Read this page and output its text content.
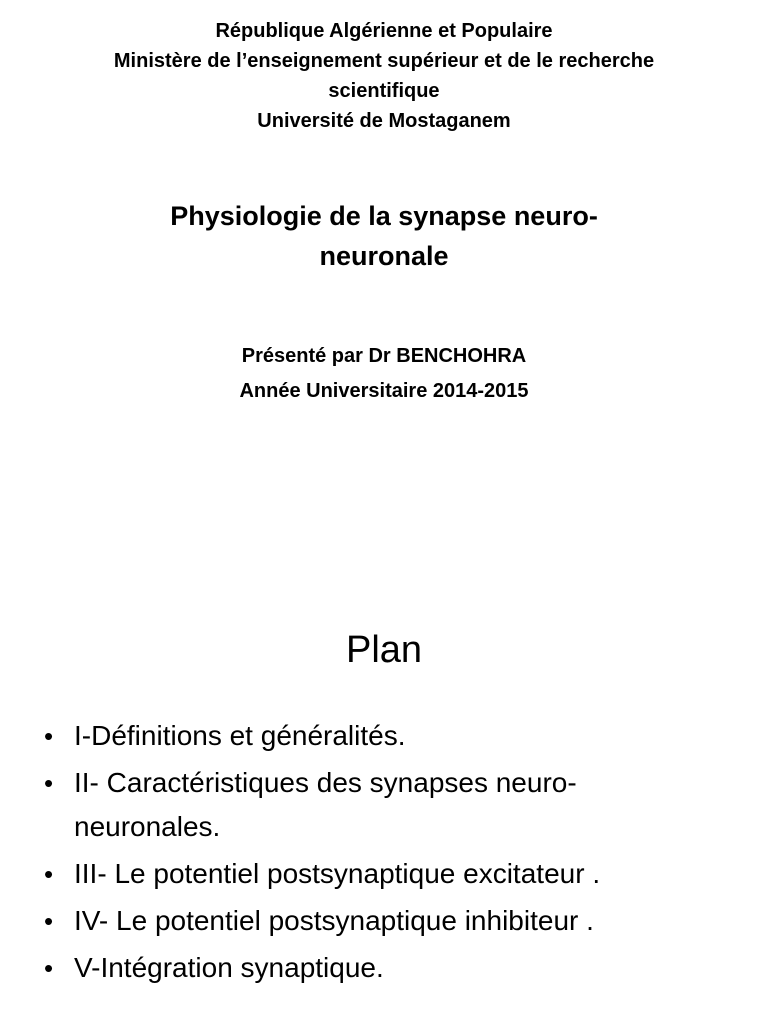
République Algérienne et Populaire
Ministère de l’enseignement supérieur et de le recherche
scientifique
Université de Mostaganem
Physiologie de la synapse neuro-
neuronale
Présenté par Dr BENCHOHRA
Année Universitaire 2014-2015
Plan
• I-Définitions et généralités.
• II- Caractéristiques des synapses neuro-
neuronales.
• III- Le potentiel postsynaptique excitateur .
• IV- Le potentiel postsynaptique inhibiteur .
• V-Intégration synaptique.
